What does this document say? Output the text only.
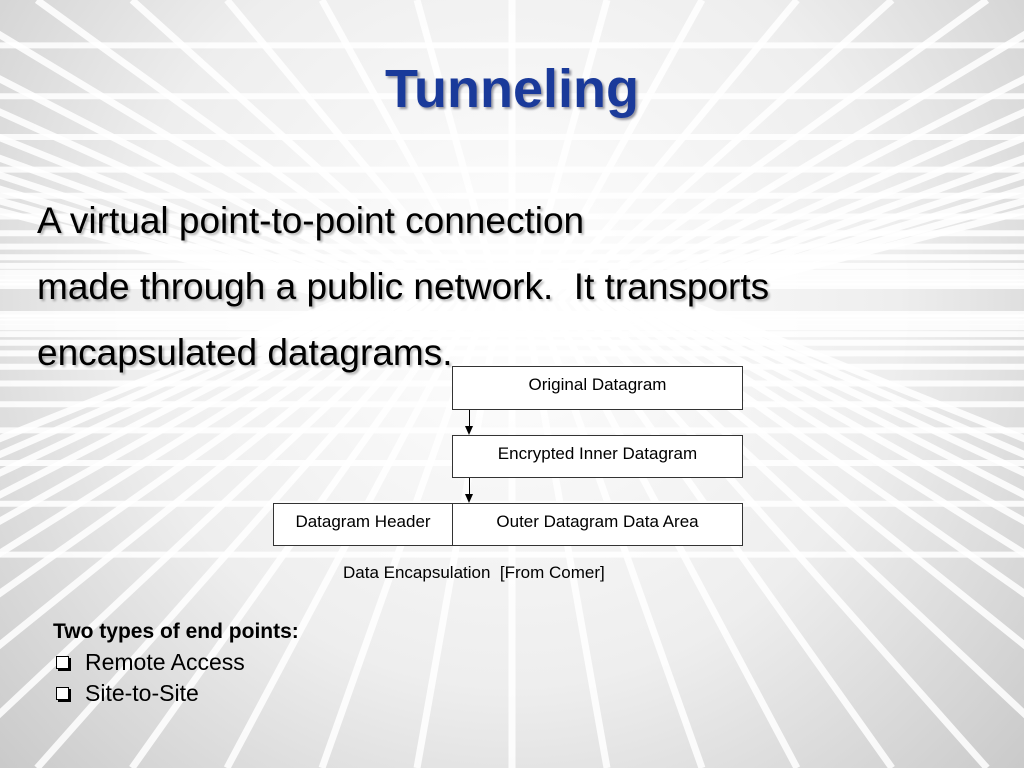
Tunneling
A virtual point-to-point connection
made through a public network.  It transports
encapsulated datagrams.
Original Datagram
Encrypted Inner Datagram
Datagram Header	Outer Datagram Data Area
Data Encapsulation  [From Comer]
Two types of end points:
Remote Access
Site-to-Site
